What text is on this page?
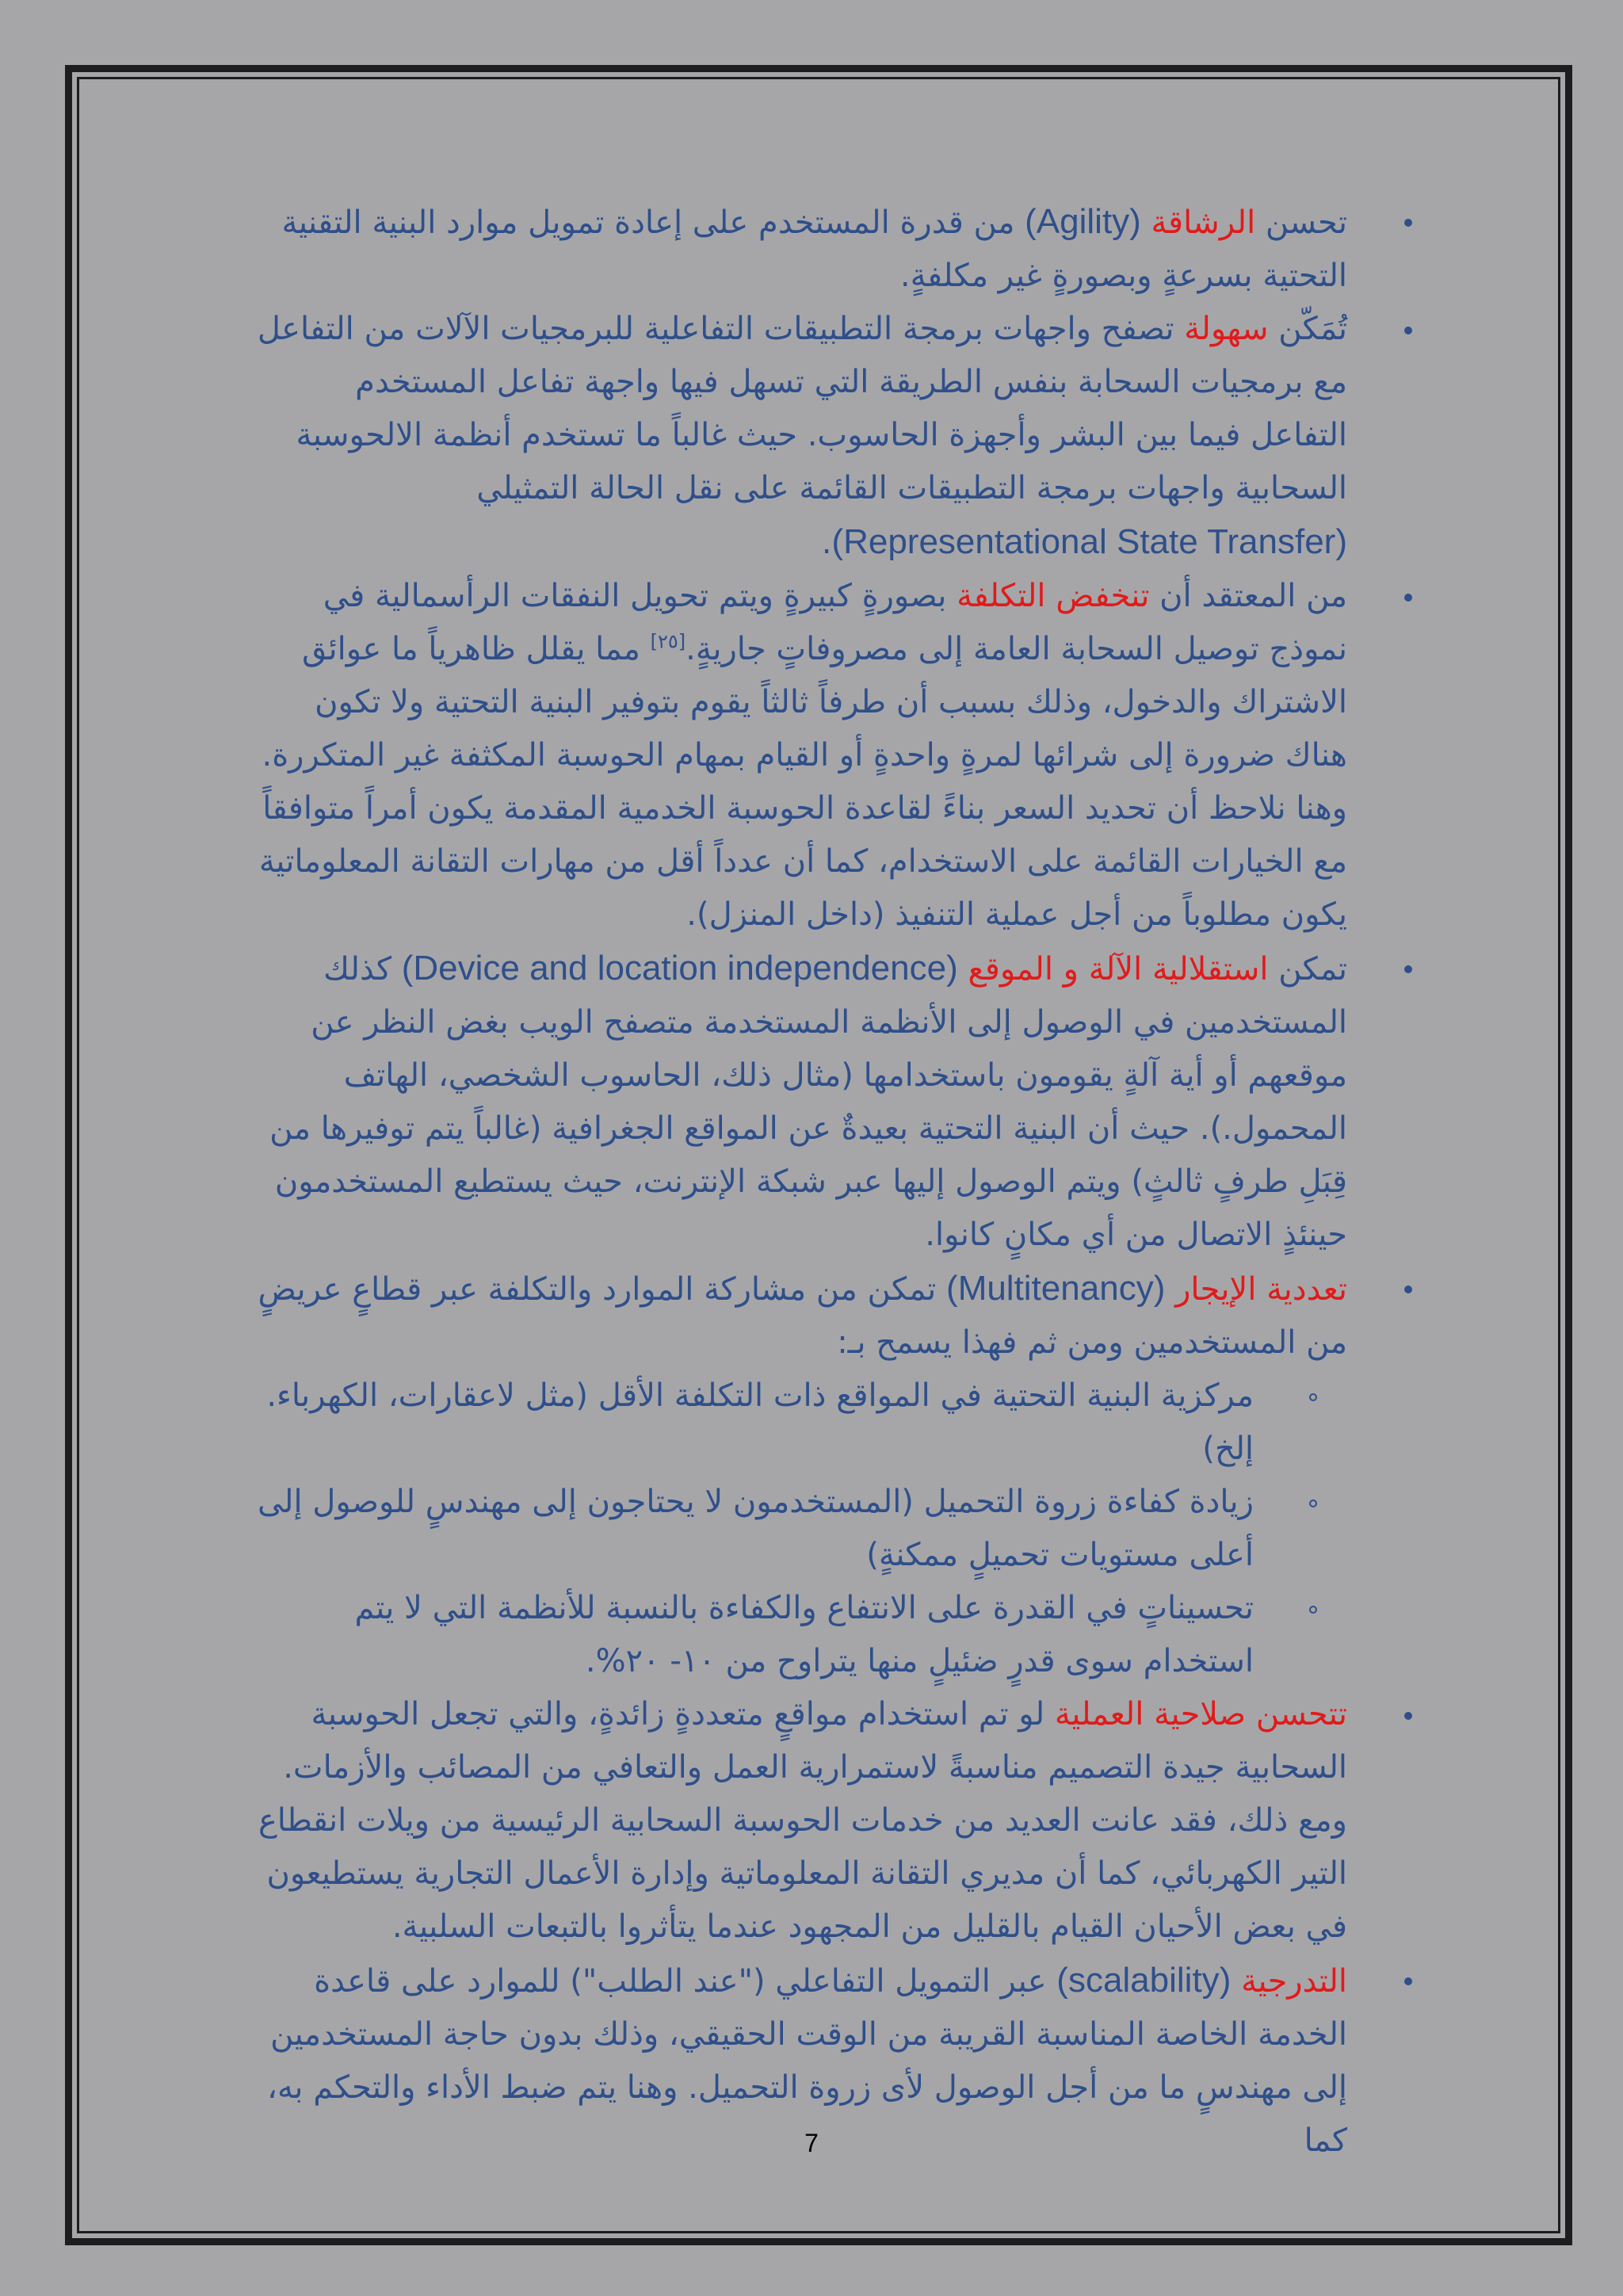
تحسن الرشاقة (Agility) من قدرة المستخدم على إعادة تمويل موارد البنية التقنية التحتية بسرعةٍ وبصورةٍ غير مكلفةٍ.
تُمَكّن سهولة تصفح واجهات برمجة التطبيقات التفاعلية للبرمجيات الآلات من التفاعل مع برمجيات السحابة بنفس الطريقة التي تسهل فيها واجهة تفاعل المستخدم التفاعل فيما بين البشر وأجهزة الحاسوب. حيث غالباً ما تستخدم أنظمة الالحوسبة السحابية واجهات برمجة التطبيقات القائمة على نقل الحالة التمثيلي (Representational State Transfer).
من المعتقد أن تنخفض التكلفة بصورةٍ كبيرةٍ ويتم تحويل النفقات الرأسمالية في نموذج توصيل السحابة العامة إلى مصروفاتٍ جاريةٍ.[٢٥] مما يقلل ظاهرياً ما عوائق الاشتراك والدخول، وذلك بسبب أن طرفاً ثالثاً يقوم بتوفير البنية التحتية ولا تكون هناك ضرورة إلى شرائها لمرةٍ واحدةٍ أو القيام بمهام الحوسبة المكثفة غير المتكررة. وهنا نلاحظ أن تحديد السعر بناءً لقاعدة الحوسبة الخدمية المقدمة يكون أمراً متوافقاً مع الخيارات القائمة على الاستخدام، كما أن عدداً أقل من مهارات التقانة المعلوماتية يكون مطلوباً من أجل عملية التنفيذ (داخل المنزل).
تمكن استقلالية الآلة و الموقع (Device and location independence) كذلك المستخدمين في الوصول إلى الأنظمة المستخدمة متصفح الويب بغض النظر عن موقعهم أو أية آلةٍ يقومون باستخدامها (مثال ذلك، الحاسوب الشخصي، الهاتف المحمول.). حيث أن البنية التحتية بعيدةٌ عن المواقع الجغرافية (غالباً يتم توفيرها من قِبَلِ طرفٍ ثالثٍ) ويتم الوصول إليها عبر شبكة الإنترنت، حيث يستطيع المستخدمون حينئذٍ الاتصال من أي مكانٍ كانوا.
تعددية الإيجار (Multitenancy) تمكن من مشاركة الموارد والتكلفة عبر قطاعٍ عريضٍ من المستخدمين ومن ثم فهذا يسمح بـ:
مركزية البنية التحتية في المواقع ذات التكلفة الأقل (مثل لاعقارات، الكهرباء. إلخ)
زيادة كفاءة زروة التحميل (المستخدمون لا يحتاجون إلى مهندسٍ للوصول إلى أعلى مستويات تحميلٍ ممكنةٍ)
تحسيناتٍ في القدرة على الانتفاع والكفاءة بالنسبة للأنظمة التي لا يتم استخدام سوى قدرٍ ضئيلٍ منها يتراوح من ١٠- ٢٠%.
تتحسن صلاحية العملية لو تم استخدام مواقعٍ متعددةٍ زائدةٍ، والتي تجعل الحوسبة السحابية جيدة التصميم مناسبةً لاستمرارية العمل والتعافي من المصائب والأزمات. ومع ذلك، فقد عانت العديد من خدمات الحوسبة السحابية الرئيسية من ويلات انقطاع التير الكهربائي، كما أن مديري التقانة المعلوماتية وإدارة الأعمال التجارية يستطيعون في بعض الأحيان القيام بالقليل من المجهود عندما يتأثروا بالتبعات السلبية.
التدرجية (scalability) عبر التمويل التفاعلي ("عند الطلب") للموارد على قاعدة الخدمة الخاصة المناسبة القريبة من الوقت الحقيقي، وذلك بدون حاجة المستخدمين إلى مهندسٍ ما من أجل الوصول لأى زروة التحميل. وهنا يتم ضبط الأداء والتحكم به، كما
7
